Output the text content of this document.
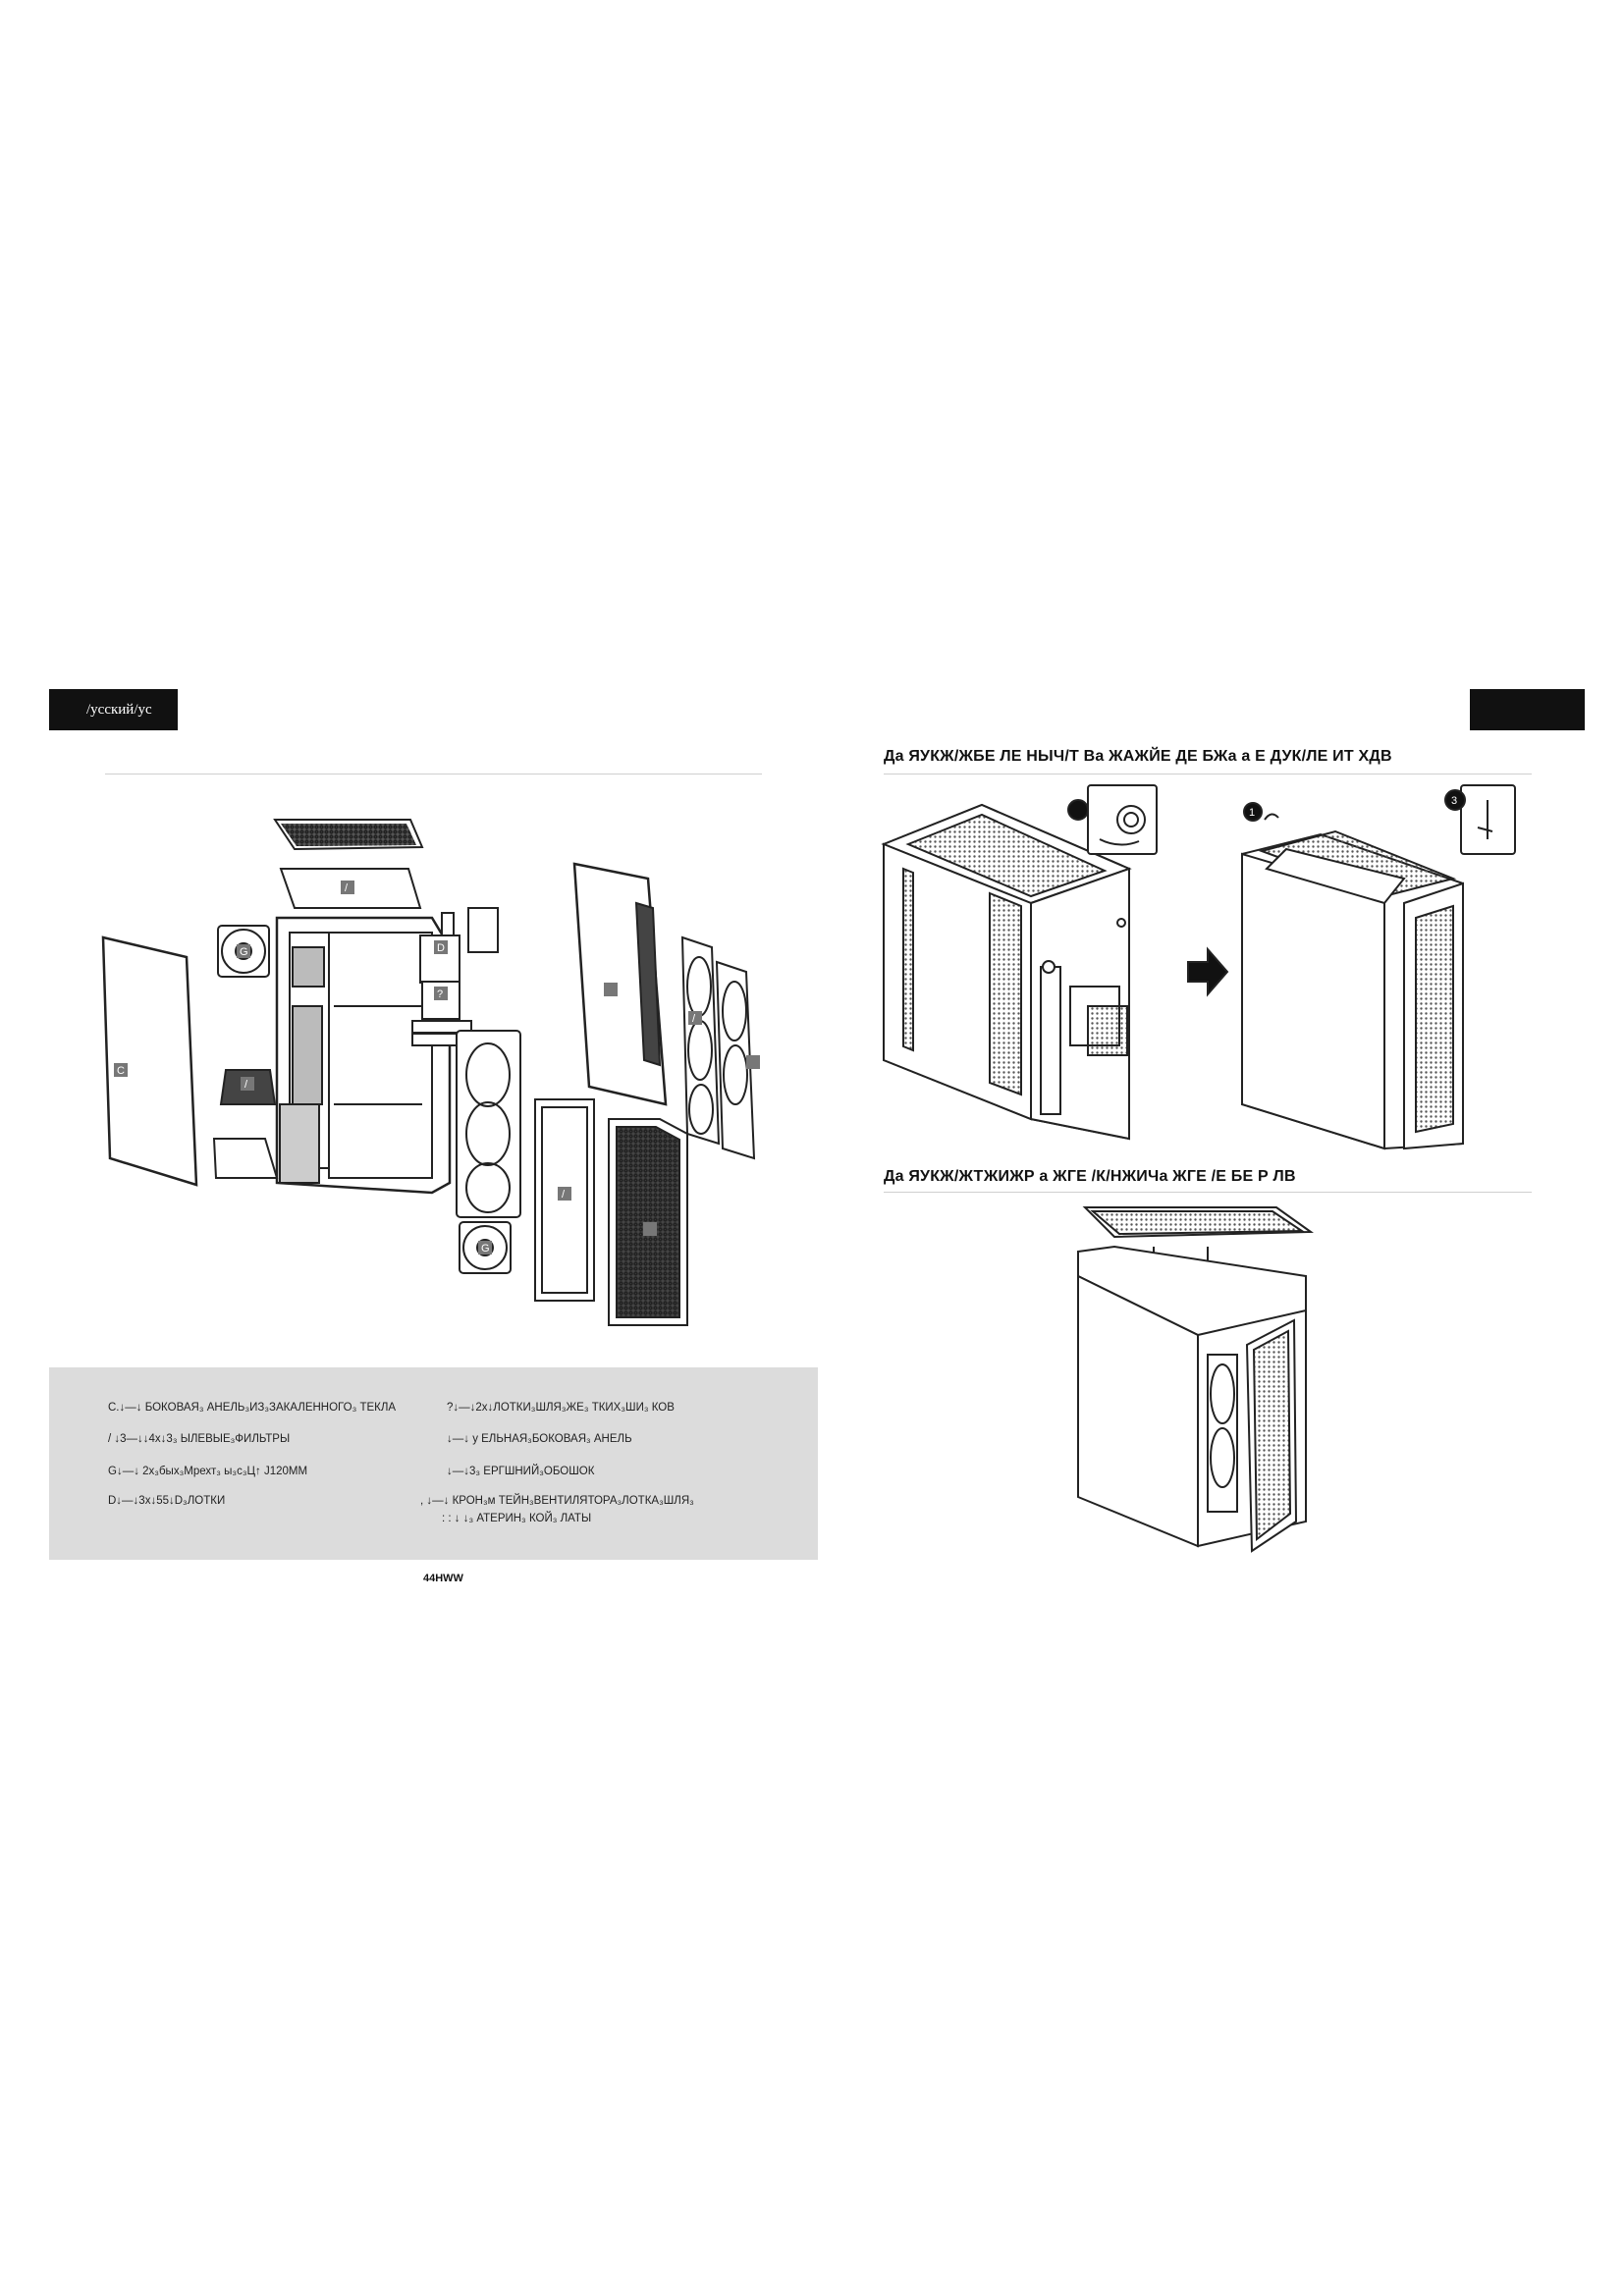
/усский/ус
C
G
G
D
?
/
/
/
/
C.↓—↓ БОКОВАЯ₃ АНЕЛЬ₃ИЗ₃ЗАКАЛЕННОГО₃ ТЕКЛА	?↓—↓2х↓ЛОТКИ₃ШЛЯ₃ЖЕ₃ ТКИХ₃ШИ₃ КОВ
/ ↓3—↓↓4х↓3₃ ЫЛЕВЫЕ₃ФИЛЬТРЫ	↓—↓ у ЕЛЬНАЯ₃БОКОВАЯ₃ АНЕЛЬ
G↓—↓ 2х₃бых₃Мрехт₃ ы₃с₃Ц↑ J120ММ	↓—↓3₃ ЕРГШНИЙ₃ОБОШОК
D↓—↓3х↓55↓D₃ЛОТКИ	, ↓—↓ КРОН₃м ТЕЙН₃ВЕНТИЛЯТОРА₃ЛОТКА₃ШЛЯ₃
: : ↓ ↓₃ АТЕРИН₃ КОЙ₃ ЛАТЫ
44НWW
Да ЯУКЖ/ЖБЕ ЛЕ НЫЧ/Т Ва ЖАЖЙЕ ДЕ БЖа а Е ДУК/ЛЕ ИТ ХДВ
3
1
Да ЯУКЖ/ЖТЖИЖР а ЖГЕ /К/НЖИЧа ЖГЕ /Е БЕ Р ЛВ
